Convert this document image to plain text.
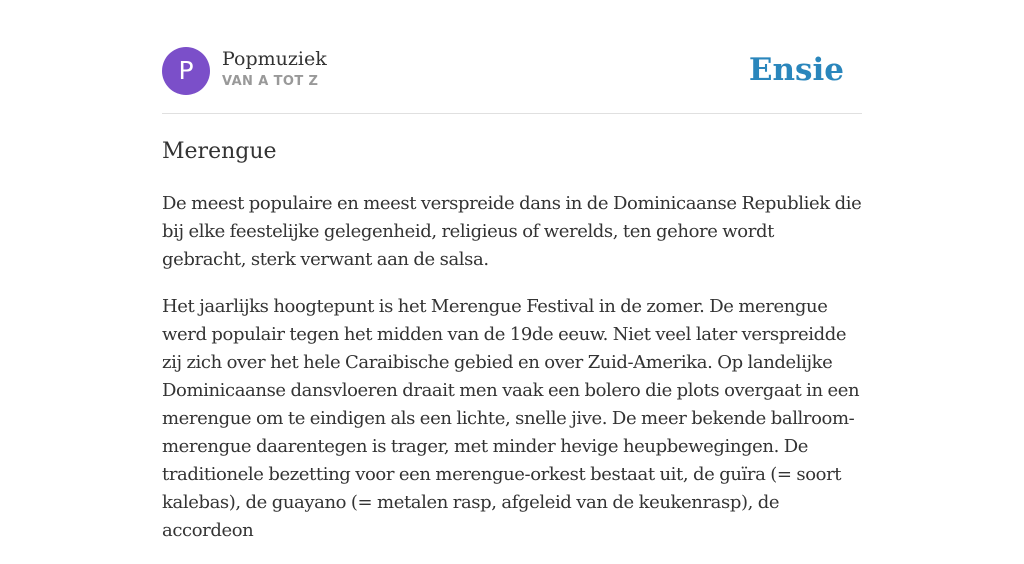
P	Popmuziek
VAN A TOT Z	Ensie
Merengue

De meest populaire en meest verspreide dans in de Dominicaanse Republiek die bij elke feestelijke gelegenheid, religieus of wereld​s, ten gehore wordt gebracht, sterk verwant aan de salsa.

Het jaarlijks hoogtepunt is het Merengue Festival in de zomer. De merengue werd populair tegen het midden van de 19de eeuw. Niet veel later verspreidde zij zich over het hele Caraibische gebied en over Zuid-Amerika. Op landelijke Dominicaanse dansvloeren draait men vaak een bolero die plots overgaat in een merengue om te eindigen als een lichte, snelle jive. De meer bekende ballroom-merengue daarentegen is trager, met minder hevige heupbewegingen. De traditionele bezetting voor een merengue-orkest bestaat uit, de guïra (= soort kalebas), de guayano (= metalen rasp, afgeleid van de keukenrasp), de accordeon
